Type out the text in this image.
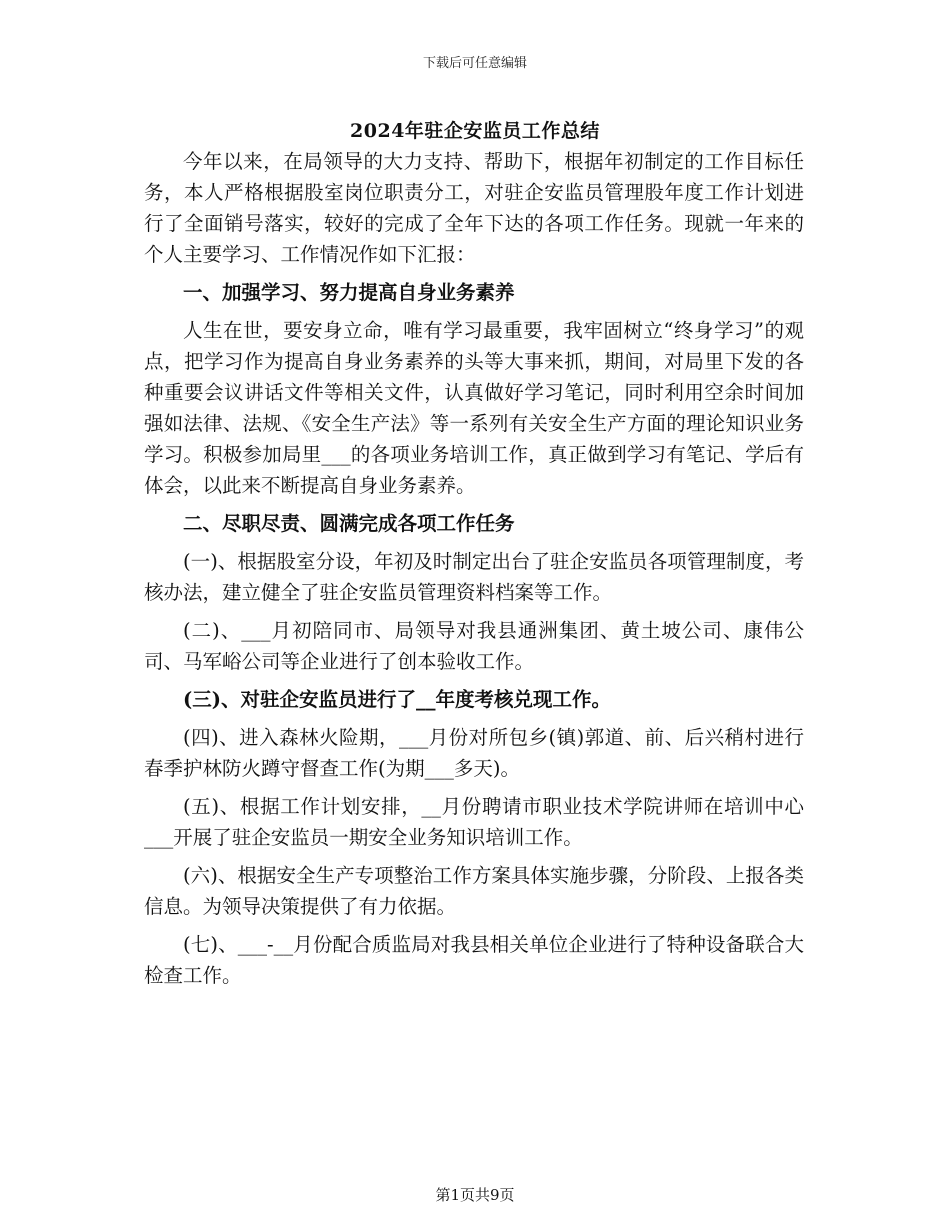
下载后可任意编辑
2024年驻企安监员工作总结

今年以来，在局领导的大力支持、帮助下，根据年初制定的工作目标任务，本人严格根据股室岗位职责分工，对驻企安监员管理股年度工作计划进行了全面销号落实，较好的完成了全年下达的各项工作任务。现就一年来的个人主要学习、工作情况作如下汇报：

一、加强学习、努力提高自身业务素养

人生在世，要安身立命，唯有学习最重要，我牢固树立“终身学习”的观点，把学习作为提高自身业务素养的头等大事来抓，期间，对局里下发的各种重要会议讲话文件等相关文件，认真做好学习笔记，同时利用空余时间加强如法律、法规、《安全生产法》等一系列有关安全生产方面的理论知识业务学习。积极参加局里___的各项业务培训工作，真正做到学习有笔记、学后有体会，以此来不断提高自身业务素养。

二、尽职尽责、圆满完成各项工作任务

(一)、根据股室分设，年初及时制定出台了驻企安监员各项管理制度，考核办法，建立健全了驻企安监员管理资料档案等工作。

(二)、___月初陪同市、局领导对我县通洲集团、黄土坡公司、康伟公司、马军峪公司等企业进行了创本验收工作。

(三)、对驻企安监员进行了__年度考核兑现工作。

(四)、进入森林火险期，___月份对所包乡(镇)郭道、前、后兴稍村进行春季护林防火蹲守督查工作(为期___多天)。

(五)、根据工作计划安排，__月份聘请市职业技术学院讲师在培训中心___开展了驻企安监员一期安全业务知识培训工作。

(六)、根据安全生产专项整治工作方案具体实施步骤，分阶段、上报各类信息。为领导决策提供了有力依据。

(七)、___-__月份配合质监局对我县相关单位企业进行了特种设备联合大检查工作。

第1页共9页
